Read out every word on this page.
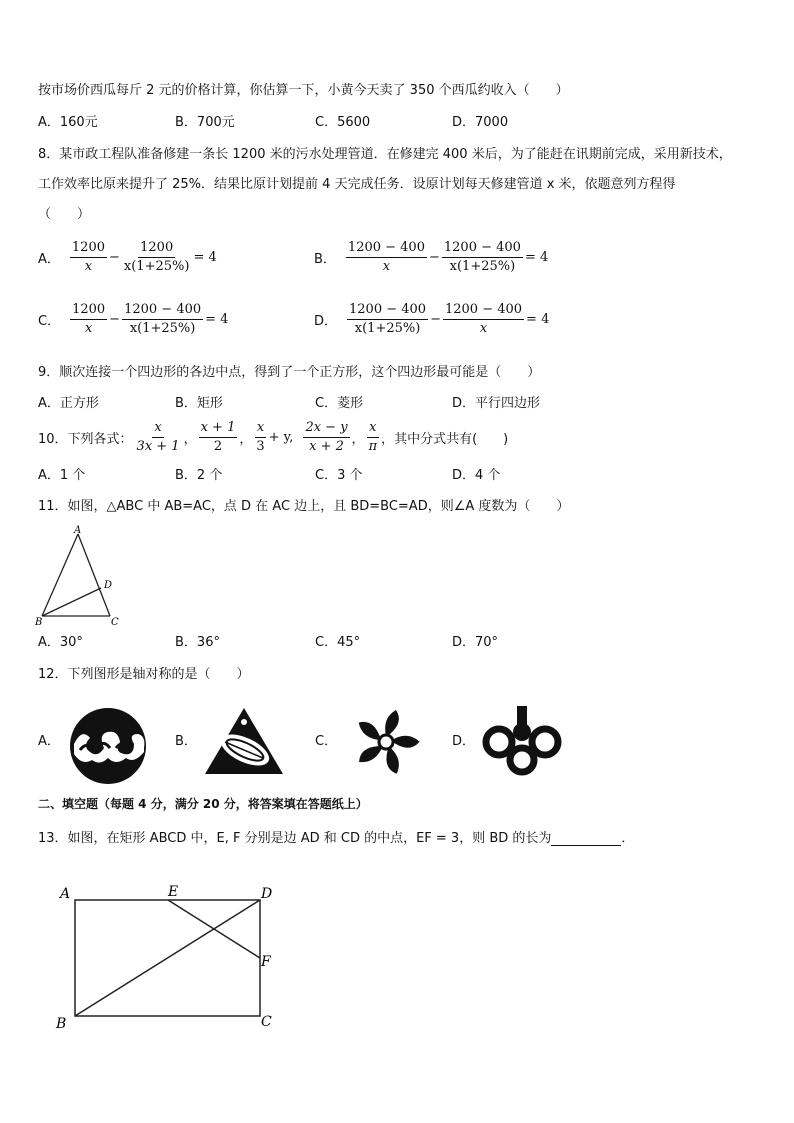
按市场价西瓜每斤 2 元的价格计算，你估算一下，小黄今天卖了 350 个西瓜约收入（　　）
A．160元	B．700元	C．5600	D．7000
8．某市政工程队准备修建一条长 1200 米的污水处理管道．在修建完 400 米后，为了能赶在讯期前完成，采用新技术，
工作效率比原来提升了 25%．结果比原计划提前 4 天完成任务．设原计划每天修建管道 x 米，依题意列方程得
（　　）
A． $\frac{1200}{x} - \frac{1200}{x(1+25\%)} = 4$	B． $\frac{1200 - 400}{x} - \frac{1200 - 400}{x(1+25\%)} = 4$
C． $\frac{1200}{x} - \frac{1200 - 400}{x(1+25\%)} = 4$	D． $\frac{1200 - 400}{x(1+25\%)} - \frac{1200 - 400}{x} = 4$
9．顺次连接一个四边形的各边中点，得到了一个正方形，这个四边形最可能是（　　）
A．正方形	B．矩形	C．菱形	D．平行四边形
10．下列各式： $\frac{x}{3x + 1}$ ， $\frac{x + 1}{2}$ ， $\frac{x}{3} + y$, $\frac{2x - y}{x + 2}$ ， $\frac{x}{\pi}$ ，其中分式共有(　　)
A．1 个	B．2 个	C．3 个	D．4 个
11．如图，△ABC 中 AB=AC，点 D 在 AC 边上，且 BD=BC=AD，则∠A 度数为（　　）
A
B	C
D
A．30°	B．36°	C．45°	D．70°
12．下列图形是轴对称的是（　　）
A．	B．	C．	D．
二、填空题（每题 4 分，满分 20 分，将答案填在答题纸上）
13．如图，在矩形 ABCD 中，E, F 分别是边 AD 和 CD 的中点，EF = 3，则 BD 的长为	．
A	E	D
F
B	C
